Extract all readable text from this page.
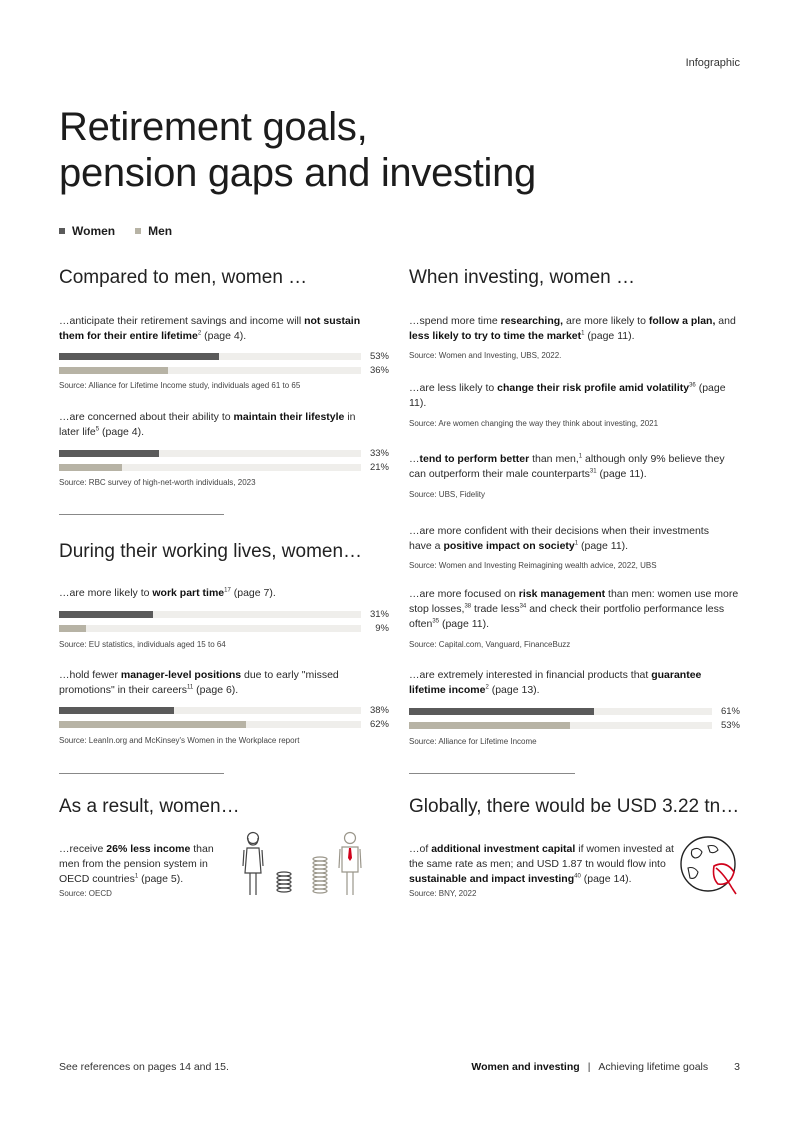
Infographic
Retirement goals,
pension gaps and investing
Women	Men
Compared to men, women …
…anticipate their retirement savings and income will not sustain them for their entire lifetime$^2$ (page 4).
53%
36%
Source: Alliance for Lifetime Income study, individuals aged 61 to 65
…are concerned about their ability to maintain their lifestyle in later life$^5$ (page 4).
33%
21%
Source: RBC survey of high-net-worth individuals, 2023
During their working lives, women…
…are more likely to work part time$^{17}$ (page 7).
31%
9%
Source: EU statistics, individuals aged 15 to 64
…hold fewer manager-level positions due to early "missed promotions" in their careers$^{11}$ (page 6).
38%
62%
Source: LeanIn.org and McKinsey's Women in the Workplace report
As a result, women…
…receive 26% less income than men from the pension system in OECD countries$^1$ (page 5).
Source: OECD
When investing, women …
…spend more time researching, are more likely to follow a plan, and less likely to try to time the market$^1$ (page 11).
Source: Women and Investing, UBS, 2022.
…are less likely to change their risk profile amid volatility$^{36}$ (page 11).
Source: Are women changing the way they think about investing, 2021
…tend to perform better than men,$^1$ although only 9% believe they can outperform their male counterparts$^{31}$ (page 11).
Source: UBS, Fidelity
…are more confident with their decisions when their investments have a positive impact on society$^1$ (page 11).
Source: Women and Investing Reimagining wealth advice, 2022, UBS
…are more focused on risk management than men: women use more stop losses,$^{38}$ trade less$^{34}$ and check their portfolio performance less often$^{35}$ (page 11).
Source: Capital.com, Vanguard, FinanceBuzz
…are extremely interested in financial products that guarantee lifetime income$^2$ (page 13).
61%
53%
Source: Alliance for Lifetime Income
Globally, there would be USD 3.22 tn…
…of additional investment capital if women invested at the same rate as men; and USD 1.87 tn would flow into sustainable and impact investing$^{40}$ (page 14).
Source: BNY, 2022
See references on pages 14 and 15.	Women and investing | Achieving lifetime goals 3
